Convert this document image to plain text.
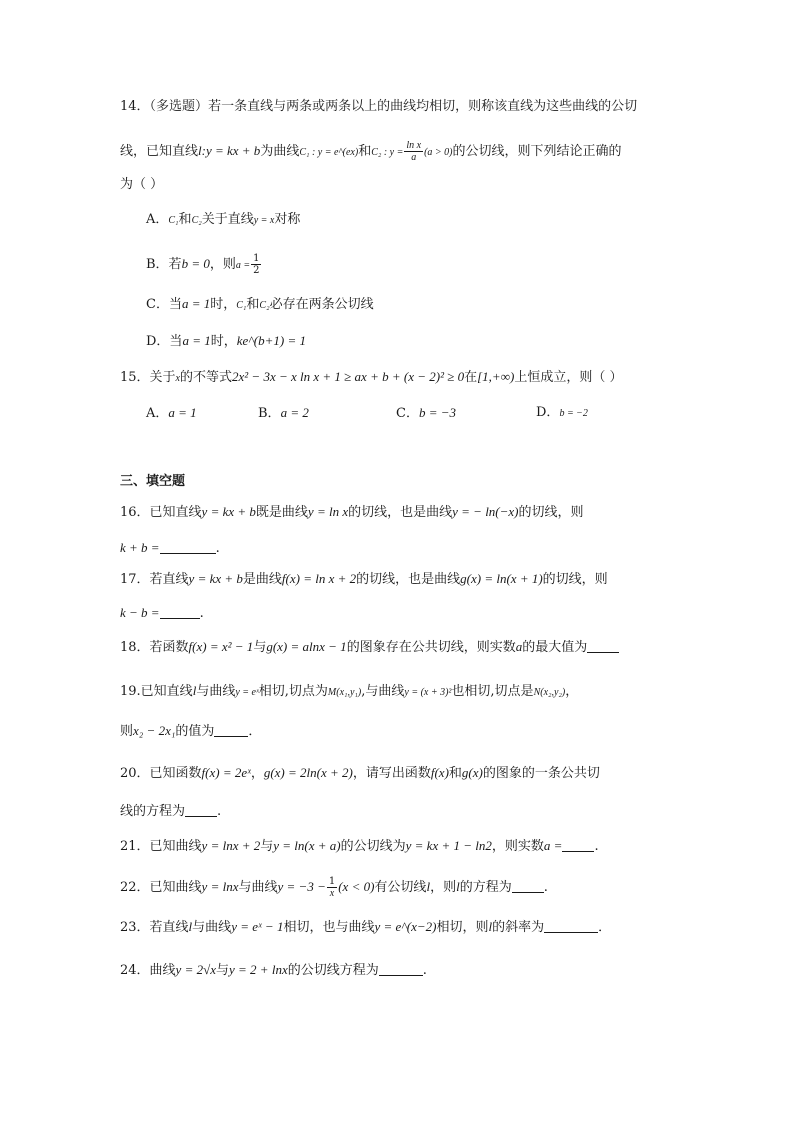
14．（多选题）若一条直线与两条或两条以上的曲线均相切，则称该直线为这些曲线的公切
线，已知直线l:y = kx + b为曲线C₁ : y = e^(ex)和C₂ : $y = \frac{\text{ln x}}{a} (a > 0)$的公切线，则下列结论正确的
为（ ）
A．C₁和C₂关于直线y = x对称
B．若b = 0，则$a = \frac{1}{2}$
C．当a = 1时，C₁和C₂必存在两条公切线
D．当a = 1时，ke^(b+1) = 1
15．关于x的不等式2x² − 3x − x ln x + 1 ≥ ax + b + (x − 2)² ≥ 0在[1,+∞)上恒成立，则（ ）
A．a = 1	B．a = 2	C．b = −3	D．b = −2
三、填空题
16．已知直线y = kx + b既是曲线y = ln x的切线，也是曲线y = − ln(−x)的切线，则
k + b =	.
17．若直线y = kx + b是曲线f(x) = ln x + 2的切线，也是曲线g(x) = ln(x + 1)的切线，则
k − b =	.
18．若函数f(x) = x² − 1与g(x) = alnx − 1的图象存在公共切线，则实数a的最大值为
19.已知直线l与曲线y = eˣ相切,切点为M(x₁,y₁),与曲线y = (x + 3)²也相切,切点是N(x₂,y₂)，
则x₂ − 2x₁的值为	．
20．已知函数f(x) = 2eˣ，g(x) = 2ln(x + 2)，请写出函数f(x)和g(x)的图象的一条公共切
线的方程为 .
21．已知曲线y = lnx + 2与y = ln(x + a)的公切线为y = kx + 1 − ln2，则实数a = .
22．已知曲线y = lnx与曲线$y = -3 - \frac{1}{x} (x < 0)$有公切线l，则l的方程为 .
23．若直线l与曲线y = eˣ − 1相切，也与曲线y = e^(x−2)相切，则l的斜率为	．
24．曲线y = 2√x与y = 2 + lnx的公切线方程为	.
